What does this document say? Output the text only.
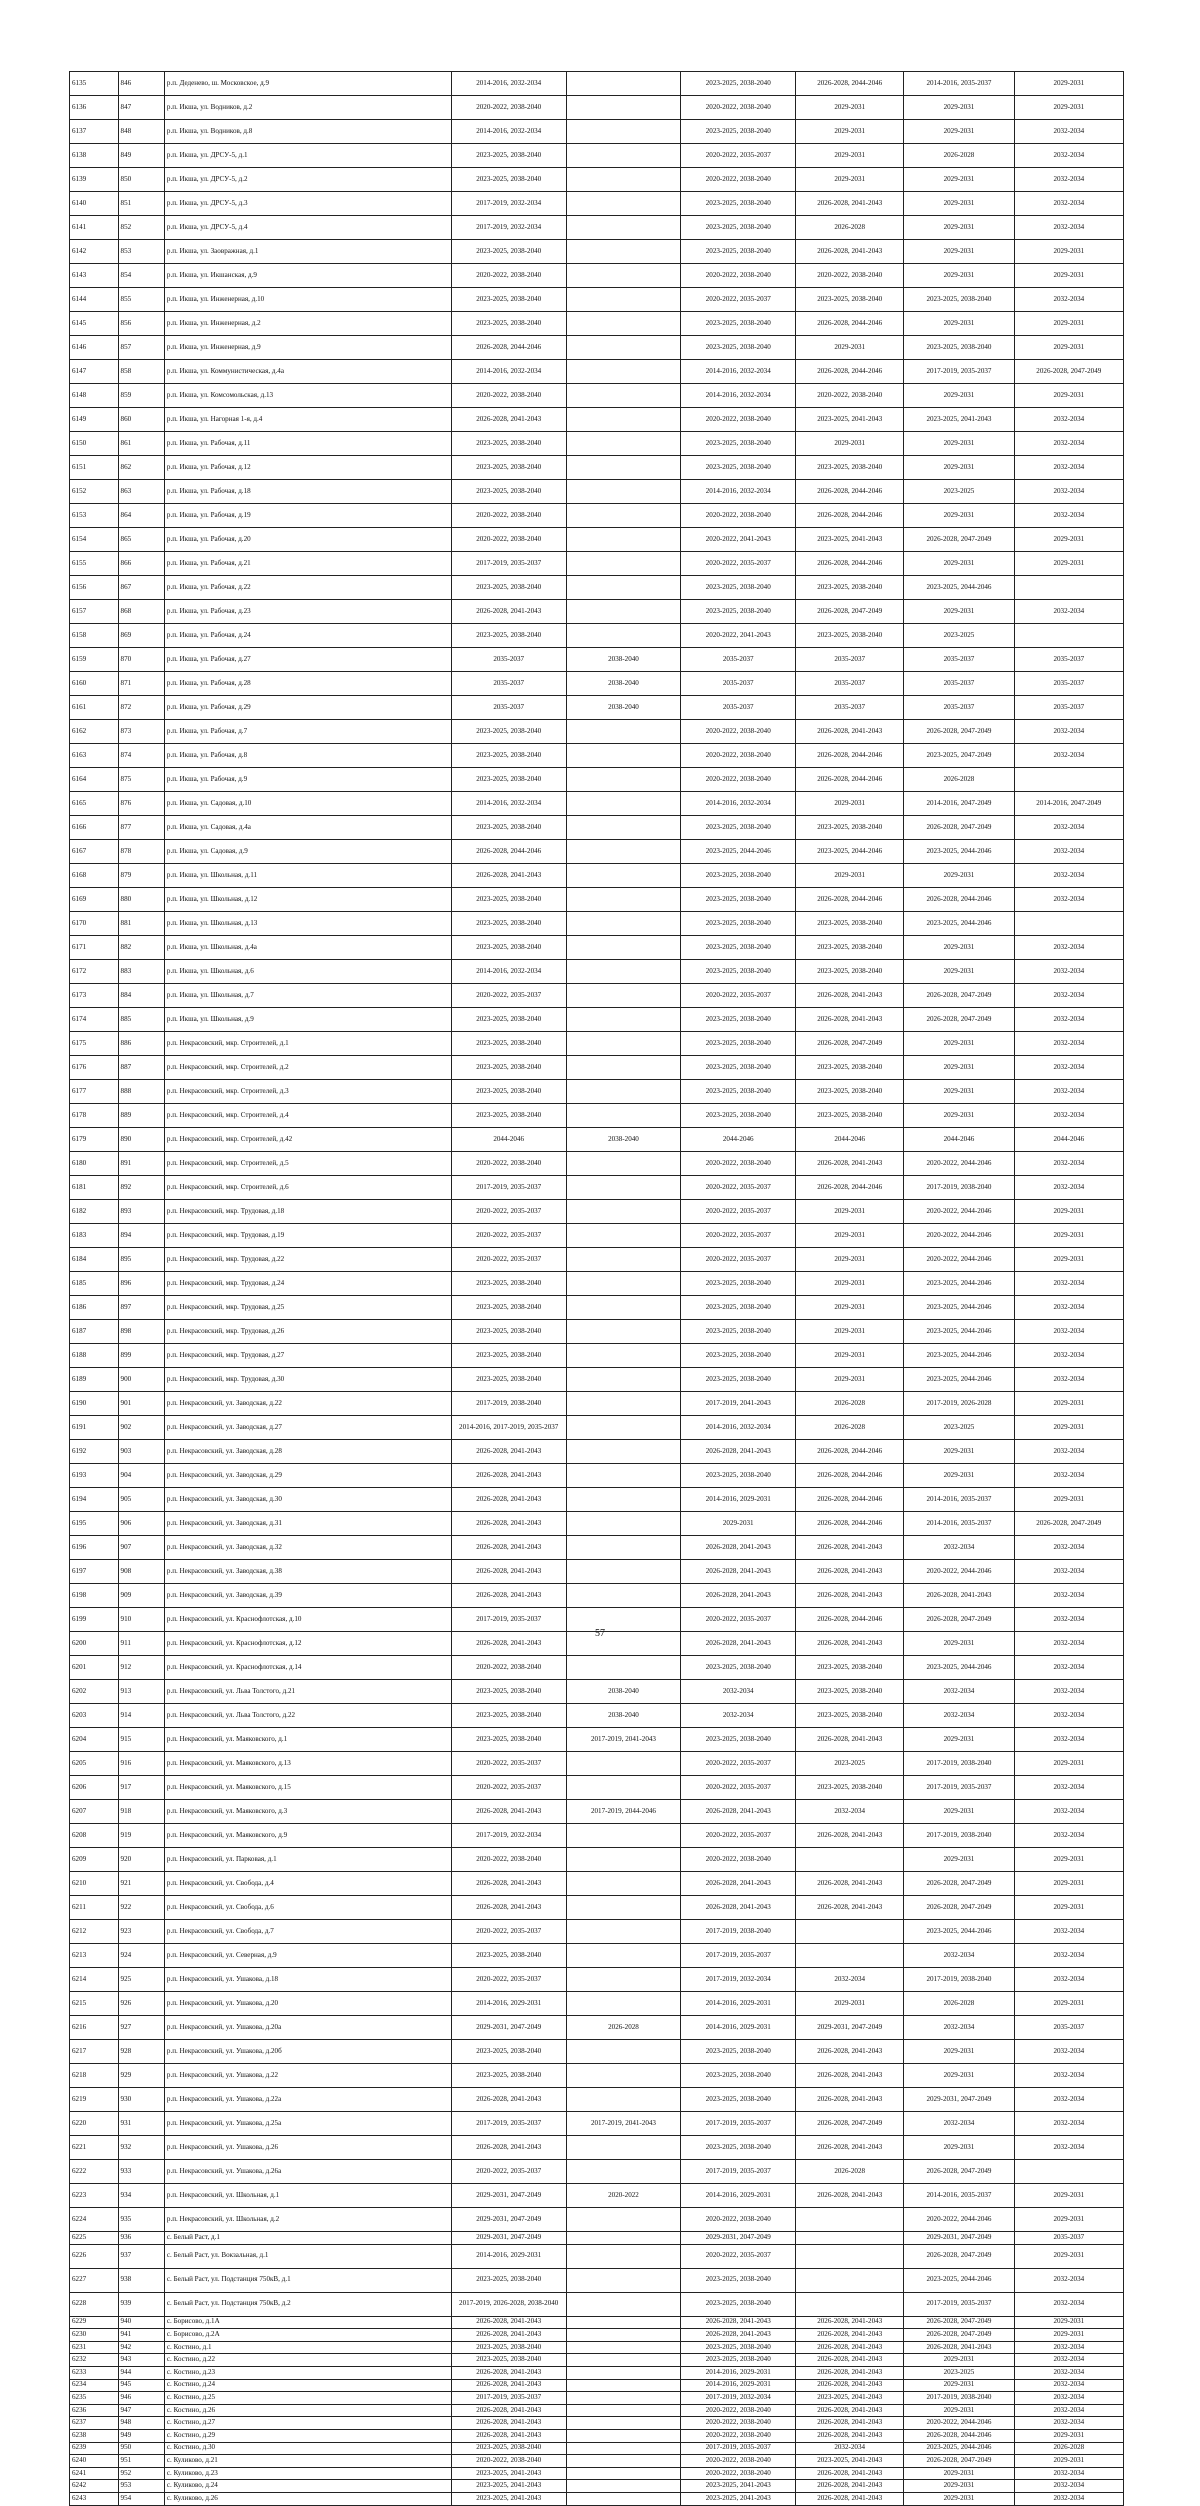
6135	846	р.п. Деденево, ш. Московское, д.9	2014-2016, 2032-2034		2023-2025, 2038-2040	2026-2028, 2044-2046	2014-2016, 2035-2037	2029-2031
6136	847	р.п. Икша, ул. Водников, д.2	2020-2022, 2038-2040		2020-2022, 2038-2040	2029-2031	2029-2031	2029-2031
6137	848	р.п. Икша, ул. Водников, д.8	2014-2016, 2032-2034		2023-2025, 2038-2040	2029-2031	2029-2031	2032-2034
6138	849	р.п. Икша, ул. ДРСУ-5, д.1	2023-2025, 2038-2040		2020-2022, 2035-2037	2029-2031	2026-2028	2032-2034
6139	850	р.п. Икша, ул. ДРСУ-5, д.2	2023-2025, 2038-2040		2020-2022, 2038-2040	2029-2031	2029-2031	2032-2034
6140	851	р.п. Икша, ул. ДРСУ-5, д.3	2017-2019, 2032-2034		2023-2025, 2038-2040	2026-2028, 2041-2043	2029-2031	2032-2034
6141	852	р.п. Икша, ул. ДРСУ-5, д.4	2017-2019, 2032-2034		2023-2025, 2038-2040	2026-2028	2029-2031	2032-2034
6142	853	р.п. Икша, ул. Заовражная, д.1	2023-2025, 2038-2040		2023-2025, 2038-2040	2026-2028, 2041-2043	2029-2031	2029-2031
6143	854	р.п. Икша, ул. Икшанская, д.9	2020-2022, 2038-2040		2020-2022, 2038-2040	2020-2022, 2038-2040	2029-2031	2029-2031
6144	855	р.п. Икша, ул. Инженерная, д.10	2023-2025, 2038-2040		2020-2022, 2035-2037	2023-2025, 2038-2040	2023-2025, 2038-2040	2032-2034
6145	856	р.п. Икша, ул. Инженерная, д.2	2023-2025, 2038-2040		2023-2025, 2038-2040	2026-2028, 2044-2046	2029-2031	2029-2031
6146	857	р.п. Икша, ул. Инженерная, д.9	2026-2028, 2044-2046		2023-2025, 2038-2040	2029-2031	2023-2025, 2038-2040	2029-2031
6147	858	р.п. Икша, ул. Коммунистическая, д.4а	2014-2016, 2032-2034		2014-2016, 2032-2034	2026-2028, 2044-2046	2017-2019, 2035-2037	2026-2028, 2047-2049
6148	859	р.п. Икша, ул. Комсомольская, д.13	2020-2022, 2038-2040		2014-2016, 2032-2034	2020-2022, 2038-2040	2029-2031	2029-2031
6149	860	р.п. Икша, ул. Нагорная 1-я, д.4	2026-2028, 2041-2043		2020-2022, 2038-2040	2023-2025, 2041-2043	2023-2025, 2041-2043	2032-2034
6150	861	р.п. Икша, ул. Рабочая, д.11	2023-2025, 2038-2040		2023-2025, 2038-2040	2029-2031	2029-2031	2032-2034
6151	862	р.п. Икша, ул. Рабочая, д.12	2023-2025, 2038-2040		2023-2025, 2038-2040	2023-2025, 2038-2040	2029-2031	2032-2034
6152	863	р.п. Икша, ул. Рабочая, д.18	2023-2025, 2038-2040		2014-2016, 2032-2034	2026-2028, 2044-2046	2023-2025	2032-2034
6153	864	р.п. Икша, ул. Рабочая, д.19	2020-2022, 2038-2040		2020-2022, 2038-2040	2026-2028, 2044-2046	2029-2031	2032-2034
6154	865	р.п. Икша, ул. Рабочая, д.20	2020-2022, 2038-2040		2020-2022, 2041-2043	2023-2025, 2041-2043	2026-2028, 2047-2049	2029-2031
6155	866	р.п. Икша, ул. Рабочая, д.21	2017-2019, 2035-2037		2020-2022, 2035-2037	2026-2028, 2044-2046	2029-2031	2029-2031
6156	867	р.п. Икша, ул. Рабочая, д.22	2023-2025, 2038-2040		2023-2025, 2038-2040	2023-2025, 2038-2040	2023-2025, 2044-2046	
6157	868	р.п. Икша, ул. Рабочая, д.23	2026-2028, 2041-2043		2023-2025, 2038-2040	2026-2028, 2047-2049	2029-2031	2032-2034
6158	869	р.п. Икша, ул. Рабочая, д.24	2023-2025, 2038-2040		2020-2022, 2041-2043	2023-2025, 2038-2040	2023-2025	
6159	870	р.п. Икша, ул. Рабочая, д.27	2035-2037	2038-2040	2035-2037	2035-2037	2035-2037	2035-2037
6160	871	р.п. Икша, ул. Рабочая, д.28	2035-2037	2038-2040	2035-2037	2035-2037	2035-2037	2035-2037
6161	872	р.п. Икша, ул. Рабочая, д.29	2035-2037	2038-2040	2035-2037	2035-2037	2035-2037	2035-2037
6162	873	р.п. Икша, ул. Рабочая, д.7	2023-2025, 2038-2040		2020-2022, 2038-2040	2026-2028, 2041-2043	2026-2028, 2047-2049	2032-2034
6163	874	р.п. Икша, ул. Рабочая, д.8	2023-2025, 2038-2040		2020-2022, 2038-2040	2026-2028, 2044-2046	2023-2025, 2047-2049	2032-2034
6164	875	р.п. Икша, ул. Рабочая, д.9	2023-2025, 2038-2040		2020-2022, 2038-2040	2026-2028, 2044-2046	2026-2028	
6165	876	р.п. Икша, ул. Садовая, д.10	2014-2016, 2032-2034		2014-2016, 2032-2034	2029-2031	2014-2016, 2047-2049	2014-2016, 2047-2049
6166	877	р.п. Икша, ул. Садовая, д.4а	2023-2025, 2038-2040		2023-2025, 2038-2040	2023-2025, 2038-2040	2026-2028, 2047-2049	2032-2034
6167	878	р.п. Икша, ул. Садовая, д.9	2026-2028, 2044-2046		2023-2025, 2044-2046	2023-2025, 2044-2046	2023-2025, 2044-2046	2032-2034
6168	879	р.п. Икша, ул. Школьная, д.11	2026-2028, 2041-2043		2023-2025, 2038-2040	2029-2031	2029-2031	2032-2034
6169	880	р.п. Икша, ул. Школьная, д.12	2023-2025, 2038-2040		2023-2025, 2038-2040	2026-2028, 2044-2046	2026-2028, 2044-2046	2032-2034
6170	881	р.п. Икша, ул. Школьная, д.13	2023-2025, 2038-2040		2023-2025, 2038-2040	2023-2025, 2038-2040	2023-2025, 2044-2046	
6171	882	р.п. Икша, ул. Школьная, д.4а	2023-2025, 2038-2040		2023-2025, 2038-2040	2023-2025, 2038-2040	2029-2031	2032-2034
6172	883	р.п. Икша, ул. Школьная, д.6	2014-2016, 2032-2034		2023-2025, 2038-2040	2023-2025, 2038-2040	2029-2031	2032-2034
6173	884	р.п. Икша, ул. Школьная, д.7	2020-2022, 2035-2037		2020-2022, 2035-2037	2026-2028, 2041-2043	2026-2028, 2047-2049	2032-2034
6174	885	р.п. Икша, ул. Школьная, д.9	2023-2025, 2038-2040		2023-2025, 2038-2040	2026-2028, 2041-2043	2026-2028, 2047-2049	2032-2034
6175	886	р.п. Некрасовский, мкр. Строителей, д.1	2023-2025, 2038-2040		2023-2025, 2038-2040	2026-2028, 2047-2049	2029-2031	2032-2034
6176	887	р.п. Некрасовский, мкр. Строителей, д.2	2023-2025, 2038-2040		2023-2025, 2038-2040	2023-2025, 2038-2040	2029-2031	2032-2034
6177	888	р.п. Некрасовский, мкр. Строителей, д.3	2023-2025, 2038-2040		2023-2025, 2038-2040	2023-2025, 2038-2040	2029-2031	2032-2034
6178	889	р.п. Некрасовский, мкр. Строителей, д.4	2023-2025, 2038-2040		2023-2025, 2038-2040	2023-2025, 2038-2040	2029-2031	2032-2034
6179	890	р.п. Некрасовский, мкр. Строителей, д.42	2044-2046	2038-2040	2044-2046	2044-2046	2044-2046	2044-2046
6180	891	р.п. Некрасовский, мкр. Строителей, д.5	2020-2022, 2038-2040		2020-2022, 2038-2040	2026-2028, 2041-2043	2020-2022, 2044-2046	2032-2034
6181	892	р.п. Некрасовский, мкр. Строителей, д.6	2017-2019, 2035-2037		2020-2022, 2035-2037	2026-2028, 2044-2046	2017-2019, 2038-2040	2032-2034
6182	893	р.п. Некрасовский, мкр. Трудовая, д.18	2020-2022, 2035-2037		2020-2022, 2035-2037	2029-2031	2020-2022, 2044-2046	2029-2031
6183	894	р.п. Некрасовский, мкр. Трудовая, д.19	2020-2022, 2035-2037		2020-2022, 2035-2037	2029-2031	2020-2022, 2044-2046	2029-2031
6184	895	р.п. Некрасовский, мкр. Трудовая, д.22	2020-2022, 2035-2037		2020-2022, 2035-2037	2029-2031	2020-2022, 2044-2046	2029-2031
6185	896	р.п. Некрасовский, мкр. Трудовая, д.24	2023-2025, 2038-2040		2023-2025, 2038-2040	2029-2031	2023-2025, 2044-2046	2032-2034
6186	897	р.п. Некрасовский, мкр. Трудовая, д.25	2023-2025, 2038-2040		2023-2025, 2038-2040	2029-2031	2023-2025, 2044-2046	2032-2034
6187	898	р.п. Некрасовский, мкр. Трудовая, д.26	2023-2025, 2038-2040		2023-2025, 2038-2040	2029-2031	2023-2025, 2044-2046	2032-2034
6188	899	р.п. Некрасовский, мкр. Трудовая, д.27	2023-2025, 2038-2040		2023-2025, 2038-2040	2029-2031	2023-2025, 2044-2046	2032-2034
6189	900	р.п. Некрасовский, мкр. Трудовая, д.30	2023-2025, 2038-2040		2023-2025, 2038-2040	2029-2031	2023-2025, 2044-2046	2032-2034
6190	901	р.п. Некрасовский, ул. Заводская, д.22	2017-2019, 2038-2040		2017-2019, 2041-2043	2026-2028	2017-2019, 2026-2028	2029-2031
6191	902	р.п. Некрасовский, ул. Заводская, д.27	2014-2016, 2017-2019, 2035-2037		2014-2016, 2032-2034	2026-2028	2023-2025	2029-2031
6192	903	р.п. Некрасовский, ул. Заводская, д.28	2026-2028, 2041-2043		2026-2028, 2041-2043	2026-2028, 2044-2046	2029-2031	2032-2034
6193	904	р.п. Некрасовский, ул. Заводская, д.29	2026-2028, 2041-2043		2023-2025, 2038-2040	2026-2028, 2044-2046	2029-2031	2032-2034
6194	905	р.п. Некрасовский, ул. Заводская, д.30	2026-2028, 2041-2043		2014-2016, 2029-2031	2026-2028, 2044-2046	2014-2016, 2035-2037	2029-2031
6195	906	р.п. Некрасовский, ул. Заводская, д.31	2026-2028, 2041-2043		2029-2031	2026-2028, 2044-2046	2014-2016, 2035-2037	2026-2028, 2047-2049
6196	907	р.п. Некрасовский, ул. Заводская, д.32	2026-2028, 2041-2043		2026-2028, 2041-2043	2026-2028, 2041-2043	2032-2034	2032-2034
6197	908	р.п. Некрасовский, ул. Заводская, д.38	2026-2028, 2041-2043		2026-2028, 2041-2043	2026-2028, 2041-2043	2020-2022, 2044-2046	2032-2034
6198	909	р.п. Некрасовский, ул. Заводская, д.39	2026-2028, 2041-2043		2026-2028, 2041-2043	2026-2028, 2041-2043	2026-2028, 2041-2043	2032-2034
6199	910	р.п. Некрасовский, ул. Краснофлотская, д.10	2017-2019, 2035-2037		2020-2022, 2035-2037	2026-2028, 2044-2046	2026-2028, 2047-2049	2032-2034
6200	911	р.п. Некрасовский, ул. Краснофлотская, д.12	2026-2028, 2041-2043		2026-2028, 2041-2043	2026-2028, 2041-2043	2029-2031	2032-2034
6201	912	р.п. Некрасовский, ул. Краснофлотская, д.14	2020-2022, 2038-2040		2023-2025, 2038-2040	2023-2025, 2038-2040	2023-2025, 2044-2046	2032-2034
6202	913	р.п. Некрасовский, ул. Льва Толстого, д.21	2023-2025, 2038-2040	2038-2040	2032-2034	2023-2025, 2038-2040	2032-2034	2032-2034
6203	914	р.п. Некрасовский, ул. Льва Толстого, д.22	2023-2025, 2038-2040	2038-2040	2032-2034	2023-2025, 2038-2040	2032-2034	2032-2034
6204	915	р.п. Некрасовский, ул. Маяковского, д.1	2023-2025, 2038-2040	2017-2019, 2041-2043	2023-2025, 2038-2040	2026-2028, 2041-2043	2029-2031	2032-2034
6205	916	р.п. Некрасовский, ул. Маяковского, д.13	2020-2022, 2035-2037		2020-2022, 2035-2037	2023-2025	2017-2019, 2038-2040	2029-2031
6206	917	р.п. Некрасовский, ул. Маяковского, д.15	2020-2022, 2035-2037		2020-2022, 2035-2037	2023-2025, 2038-2040	2017-2019, 2035-2037	2032-2034
6207	918	р.п. Некрасовский, ул. Маяковского, д.3	2026-2028, 2041-2043	2017-2019, 2044-2046	2026-2028, 2041-2043	2032-2034	2029-2031	2032-2034
6208	919	р.п. Некрасовский, ул. Маяковского, д.9	2017-2019, 2032-2034		2020-2022, 2035-2037	2026-2028, 2041-2043	2017-2019, 2038-2040	2032-2034
6209	920	р.п. Некрасовский, ул. Парковая, д.1	2020-2022, 2038-2040		2020-2022, 2038-2040		2029-2031	2029-2031
6210	921	р.п. Некрасовский, ул. Свобода, д.4	2026-2028, 2041-2043		2026-2028, 2041-2043	2026-2028, 2041-2043	2026-2028, 2047-2049	2029-2031
6211	922	р.п. Некрасовский, ул. Свобода, д.6	2026-2028, 2041-2043		2026-2028, 2041-2043	2026-2028, 2041-2043	2026-2028, 2047-2049	2029-2031
6212	923	р.п. Некрасовский, ул. Свобода, д.7	2020-2022, 2035-2037		2017-2019, 2038-2040		2023-2025, 2044-2046	2032-2034
6213	924	р.п. Некрасовский, ул. Северная, д.9	2023-2025, 2038-2040		2017-2019, 2035-2037		2032-2034	2032-2034
6214	925	р.п. Некрасовский, ул. Ушакова, д.18	2020-2022, 2035-2037		2017-2019, 2032-2034	2032-2034	2017-2019, 2038-2040	2032-2034
6215	926	р.п. Некрасовский, ул. Ушакова, д.20	2014-2016, 2029-2031		2014-2016, 2029-2031	2029-2031	2026-2028	2029-2031
6216	927	р.п. Некрасовский, ул. Ушакова, д.20а	2029-2031, 2047-2049	2026-2028	2014-2016, 2029-2031	2029-2031, 2047-2049	2032-2034	2035-2037
6217	928	р.п. Некрасовский, ул. Ушакова, д.20б	2023-2025, 2038-2040		2023-2025, 2038-2040	2026-2028, 2041-2043	2029-2031	2032-2034
6218	929	р.п. Некрасовский, ул. Ушакова, д.22	2023-2025, 2038-2040		2023-2025, 2038-2040	2026-2028, 2041-2043	2029-2031	2032-2034
6219	930	р.п. Некрасовский, ул. Ушакова, д.22а	2026-2028, 2041-2043		2023-2025, 2038-2040	2026-2028, 2041-2043	2029-2031, 2047-2049	2032-2034
6220	931	р.п. Некрасовский, ул. Ушакова, д.25а	2017-2019, 2035-2037	2017-2019, 2041-2043	2017-2019, 2035-2037	2026-2028, 2047-2049	2032-2034	2032-2034
6221	932	р.п. Некрасовский, ул. Ушакова, д.26	2026-2028, 2041-2043		2023-2025, 2038-2040	2026-2028, 2041-2043	2029-2031	2032-2034
6222	933	р.п. Некрасовский, ул. Ушакова, д.26а	2020-2022, 2035-2037		2017-2019, 2035-2037	2026-2028	2026-2028, 2047-2049	
6223	934	р.п. Некрасовский, ул. Школьная, д.1	2029-2031, 2047-2049	2020-2022	2014-2016, 2029-2031	2026-2028, 2041-2043	2014-2016, 2035-2037	2029-2031
6224	935	р.п. Некрасовский, ул. Школьная, д.2	2029-2031, 2047-2049		2020-2022, 2038-2040		2020-2022, 2044-2046	2029-2031
6225	936	с. Белый Раст, д.1	2029-2031, 2047-2049		2029-2031, 2047-2049		2029-2031, 2047-2049	2035-2037
6226	937	с. Белый Раст, ул. Вокзальная, д.1	2014-2016, 2029-2031		2020-2022, 2035-2037		2026-2028, 2047-2049	2029-2031
6227	938	с. Белый Раст, ул. Подстанция 750кВ, д.1	2023-2025, 2038-2040		2023-2025, 2038-2040		2023-2025, 2044-2046	2032-2034
6228	939	с. Белый Раст, ул. Подстанция 750кВ, д.2	2017-2019, 2026-2028, 2038-2040		2023-2025, 2038-2040		2017-2019, 2035-2037	2032-2034
6229	940	с. Борисово, д.1А	2026-2028, 2041-2043		2026-2028, 2041-2043	2026-2028, 2041-2043	2026-2028, 2047-2049	2029-2031
6230	941	с. Борисово, д.2А	2026-2028, 2041-2043		2026-2028, 2041-2043	2026-2028, 2041-2043	2026-2028, 2047-2049	2029-2031
6231	942	с. Костино, д.1	2023-2025, 2038-2040		2023-2025, 2038-2040	2026-2028, 2041-2043	2026-2028, 2041-2043	2032-2034
6232	943	с. Костино, д.22	2023-2025, 2038-2040		2023-2025, 2038-2040	2026-2028, 2041-2043	2029-2031	2032-2034
6233	944	с. Костино, д.23	2026-2028, 2041-2043		2014-2016, 2029-2031	2026-2028, 2041-2043	2023-2025	2032-2034
6234	945	с. Костино, д.24	2026-2028, 2041-2043		2014-2016, 2029-2031	2026-2028, 2041-2043	2029-2031	2032-2034
6235	946	с. Костино, д.25	2017-2019, 2035-2037		2017-2019, 2032-2034	2023-2025, 2041-2043	2017-2019, 2038-2040	2032-2034
6236	947	с. Костино, д.26	2026-2028, 2041-2043		2020-2022, 2038-2040	2026-2028, 2041-2043	2029-2031	2032-2034
6237	948	с. Костино, д.27	2026-2028, 2041-2043		2020-2022, 2038-2040	2026-2028, 2041-2043	2020-2022, 2044-2046	2032-2034
6238	949	с. Костино, д.29	2026-2028, 2041-2043		2020-2022, 2038-2040	2026-2028, 2041-2043	2026-2028, 2044-2046	2029-2031
6239	950	с. Костино, д.30	2023-2025, 2038-2040		2017-2019, 2035-2037	2032-2034	2023-2025, 2044-2046	2026-2028
6240	951	с. Куликово, д.21	2020-2022, 2038-2040		2020-2022, 2038-2040	2023-2025, 2041-2043	2026-2028, 2047-2049	2029-2031
6241	952	с. Куликово, д.23	2023-2025, 2041-2043		2020-2022, 2038-2040	2026-2028, 2041-2043	2029-2031	2032-2034
6242	953	с. Куликово, д.24	2023-2025, 2041-2043		2023-2025, 2041-2043	2026-2028, 2041-2043	2029-2031	2032-2034
6243	954	с. Куликово, д.26	2023-2025, 2041-2043		2023-2025, 2041-2043	2026-2028, 2041-2043	2029-2031	2032-2034
57
